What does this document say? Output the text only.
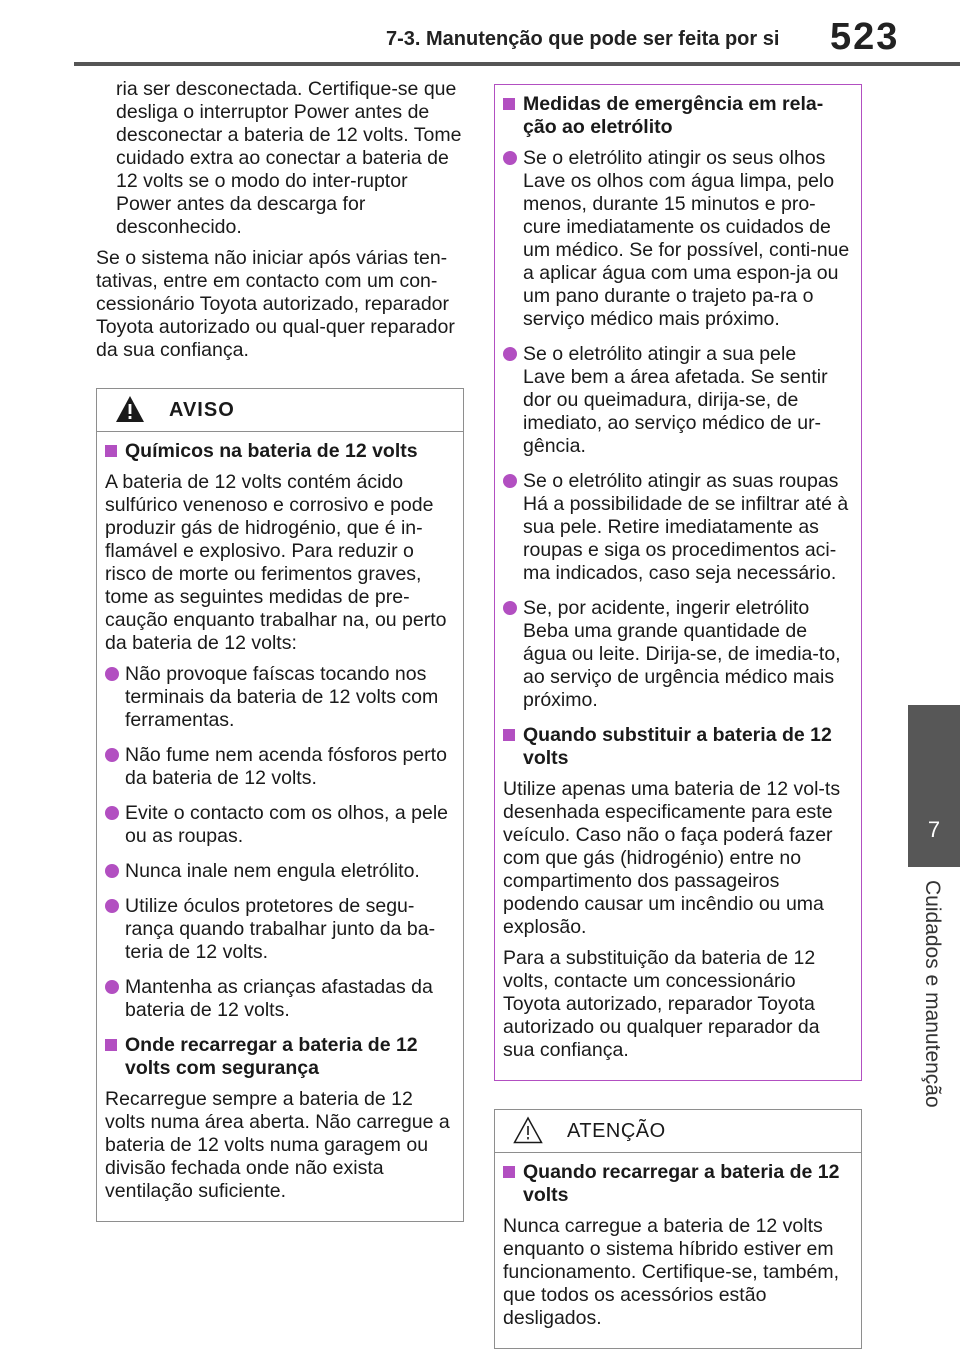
7-3. Manutenção que pode ser feita por si 523
7
Cuidados e manutenção

ria ser desconectada. Certifique-se que desliga o interruptor Power antes de desconectar a bateria de 12 volts. Tome cuidado extra ao conectar a bateria de 12 volts se o modo do inter-ruptor Power antes da descarga for desconhecido.

Se o sistema não iniciar após várias ten-tativas, entre em contacto com um con-cessionário Toyota autorizado, reparador Toyota autorizado ou qual-quer reparador da sua confiança.

AVISO
Químicos na bateria de 12 volts

A bateria de 12 volts contém ácido sulfúrico venenoso e corrosivo e pode produzir gás de hidrogénio, que é in-flamável e explosivo. Para reduzir o risco de morte ou ferimentos graves, tome as seguintes medidas de pre-caução enquanto trabalhar na, ou perto da bateria de 12 volts:

Não provoque faíscas tocando nos terminais da bateria de 12 volts com ferramentas.
Não fume nem acenda fósforos perto da bateria de 12 volts.
Evite o contacto com os olhos, a pele ou as roupas.
Nunca inale nem engula eletrólito.
Utilize óculos protetores de segu-rança quando trabalhar junto da ba-teria de 12 volts.
Mantenha as crianças afastadas da bateria de 12 volts.
Onde recarregar a bateria de 12 volts com segurança

Recarregue sempre a bateria de 12 volts numa área aberta. Não carregue a bateria de 12 volts numa garagem ou divisão fechada onde não exista ventilação suficiente.

Medidas de emergência em rela-ção ao eletrólito
Se o eletrólito atingir os seus olhos
Lave os olhos com água limpa, pelo menos, durante 15 minutos e pro-cure imediatamente os cuidados de um médico. Se for possível, conti-nue a aplicar água com uma espon-ja ou um pano durante o trajeto pa-ra o serviço médico mais próximo.
Se o eletrólito atingir a sua pele
Lave bem a área afetada. Se sentir dor ou queimadura, dirija-se, de imediato, ao serviço médico de ur-gência.
Se o eletrólito atingir as suas roupas
Há a possibilidade de se infiltrar até à sua pele. Retire imediatamente as roupas e siga os procedimentos aci-ma indicados, caso seja necessário.
Se, por acidente, ingerir eletrólito
Beba uma grande quantidade de água ou leite. Dirija-se, de imedia-to, ao serviço de urgência médico mais próximo.
Quando substituir a bateria de 12 volts

Utilize apenas uma bateria de 12 vol-ts desenhada especificamente para este veículo. Caso não o faça poderá fazer com que gás (hidrogénio) entre no compartimento dos passageiros podendo causar um incêndio ou uma explosão.

Para a substituição da bateria de 12 volts, contacte um concessionário Toyota autorizado, reparador Toyota autorizado ou qualquer reparador da sua confiança.

ATENÇÃO
Quando recarregar a bateria de 12 volts

Nunca carregue a bateria de 12 volts enquanto o sistema híbrido estiver em funcionamento. Certifique-se, também, que todos os acessórios estão desligados.
